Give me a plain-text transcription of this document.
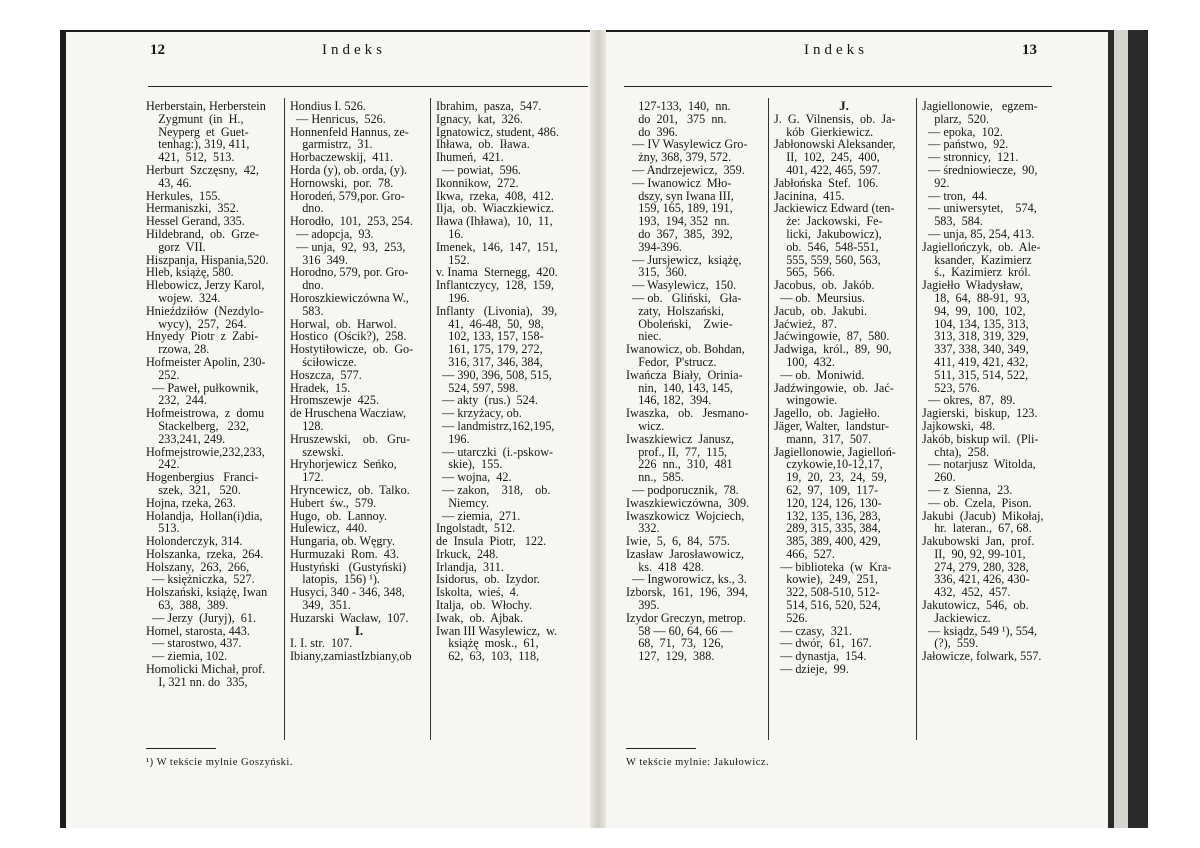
12	Indeks
Herberstain, Herberstein
Zygmunt  (in  H.,
Neyperg  et  Guet-
tenhag:), 319, 411,
421,  512,  513.
Herburt  Szczęsny,  42,
43, 46.
Herkules,  155.
Hermaniszki,  352.
Hessel Gerand, 335.
Hildebrand,  ob.  Grze-
gorz  VII.
Hiszpanja, Hispania,520.
Hleb, książę, 580.
Hlebowicz, Jerzy Karol,
wojew.  324.
Hnieździłów  (Nezdylo-
wycy),  257,  264.
Hnyedy  Piotr  z  Zabi-
rzowa, 28.
Hofmeister Apolin, 230-
252.
— Paweł, pułkownik,
232,  244.
Hofmeistrowa,  z  domu
Stackelberg,   232,
233,241, 249.
Hofmejstrowie,232,233,
242.
Hogenbergius   Franci-
szek,  321,   520.
Hojna, rzeka, 263.
Holandja,  Hollan(i)dia,
513.
Holonderczyk, 314.
Holszanka,  rzeka,  264.
Holszany,  263,  266,
— księżniczka,  527.
Holszański, książę, Iwan
63,  388,  389.
— Jerzy  (Juryj),  61.
Homel, starosta, 443.
— starostwo, 437.
— ziemia, 102.
Homolicki Michał, prof.
I, 321 nn. do  335,
Hondius I. 526.
— Henricus,  526.
Honnenfeld Hannus, ze-
garmistrz,  31.
Horbaczewskij,  411.
Horda (y), ob. orda, (y).
Hornowski,  por.  78.
Horodeń, 579,por. Gro-
dno.
Horodło,  101,  253, 254.
— adopcja,  93.
— unja,  92,  93,  253,
316  349.
Horodno, 579, por. Gro-
dno.
Horoszkiewiczówna W.,
583.
Horwal,  ob.  Harwol.
Hostico  (Ościk?),  258.
Hostytiłowicze,  ob.  Go-
ściłowicze.
Hoszcza,  577.
Hradek,  15.
Hromszewje  425.
de Hruschena Wacziaw,
128.
Hruszewski,    ob.   Gru-
szewski.
Hryhorjewicz  Seńko,
172.
Hryncewicz,  ob.  Talko.
Hubert  św.,  579.
Hugo,  ob.  Lannoy.
Hulewicz,  440.
Hungaria, ob. Węgry.
Hurmuzaki  Rom.  43.
Hustyński   (Gustyński)
latopis,  156) ¹).
Husyci, 340 - 346, 348,
349,  351.
Huzarski  Wacław,  107.
I.
I. I. str.  107.
Ibiany,zamiastIzbiany,ob
Ibrahim,  pasza,  547.
Ignacy,  kat,  326.
Ignatowicz, student, 486.
Ihława,  ob.  Iława.
Ihumeń,  421.
— powiat,  596.
Ikonnikow,  272.
Ikwa,  rzeka,  408,  412.
Ilja,  ob.  Wiaczkiewicz.
Iława (Ihława),  10,  11,
16.
Imenek,  146,  147,  151,
152.
v. Inama  Sternegg,  420.
Inflantczycy,  128,  159,
196.
Inflanty   (Livonia),   39,
41,  46-48,  50,  98,
102, 133, 157, 158-
161, 175, 179, 272,
316, 317, 346, 384,
— 390, 396, 508, 515,
524, 597, 598.
— akty  (rus.)  524.
— krzyżacy, ob.
— landmistrz,162,195,
196.
— utarczki  (i.-pskow-
skie),  155.
— wojna,  42.
— zakon,    318,    ob.
Niemcy.
— ziemia,  271.
Ingolstadt,  512.
de  Insula  Piotr,   122.
Irkuck,  248.
Irlandja,  311.
Isidorus,  ob.  Izydor.
Iskolta,  wieś,  4.
Italja,  ob.  Włochy.
Iwak,  ob.  Ajbak.
Iwan III Wasylewicz,  w.
książę  mosk.,  61,
62,  63,  103,  118,
¹) W tekście mylnie Goszyński.
Indeks	13
127-133,  140,  nn.
do  201,   375  nn.
do  396.
— IV Wasylewicz Gro-
żny, 368, 379, 572.
— Andrzejewicz,  359.
— Iwanowicz  Mło-
dszy, syn Iwana III,
159, 165, 189, 191,
193,  194, 352  nn.
do  367,  385,  392,
394-396.
— Jursjewicz,  książę,
315,  360.
— Wasylewicz,  150.
— ob.   Gliński,   Gła-
zaty,  Holszański,
Oboleński,    Zwie-
niec.
Iwanowicz, ob. Bohdan,
Fedor,  P'strucz.
Iwańcza  Biały,  Orinia-
nin,  140, 143, 145,
146, 182,  394.
Iwaszka,   ob.   Jesmano-
wicz.
Iwaszkiewicz  Janusz,
prof., II,  77,  115,
226  nn.,  310,  481
nn.,  585.
— podporucznik,  78.
Iwaszkiewiczówna,  309.
Iwaszkowicz  Wojciech,
332.
Iwie,  5,  6,  84,  575.
Izasław  Jarosławowicz,
ks.  418  428.
— Ingworowicz, ks., 3.
Izborsk,  161,  196,  394,
395.
Izydor Greczyn, metrop.
58 — 60, 64, 66 —
68,  71,  73,  126,
127,  129,  388.
J.
J.  G.  Vilnensis,  ob.  Ja-
kób  Gierkiewicz.
Jabłonowski Aleksander,
II,  102,  245,  400,
401, 422, 465, 597.
Jabłońska  Stef.  106.
Jacinina,  415.
Jackiewicz Edward (ten-
że:  Jackowski,  Fe-
licki,  Jakubowicz),
ob.  546,  548-551,
555, 559, 560, 563,
565,  566.
Jacobus,  ob.  Jakób.
— ob.  Meursius.
Jacub,  ob.  Jakubi.
Jaćwież,  87.
Jaćwingowie,  87,  580.
Jadwiga,  król.,  89,  90,
100,  432.
— ob.  Moniwid.
Jadźwingowie,  ob.  Jać-
wingowie.
Jagello,  ob.  Jagiełło.
Jäger, Walter,  landstur-
mann,  317,  507.
Jagiellonowie, Jagielloń-
czykowie,10-12,17,
19,  20,  23,  24,  59,
62,  97,  109,  117-
120, 124, 126, 130-
132, 135, 136, 283,
289, 315, 335, 384,
385, 389, 400, 429,
466,  527.
— biblioteka  (w  Kra-
kowie),  249,  251,
322, 508-510, 512-
514, 516, 520, 524,
526.
— czasy,  321.
— dwór,  61,  167.
— dynastja,  154.
— dzieje,  99.
Jagiellonowie,   egzem-
plarz,  520.
— epoka,  102.
— państwo,  92.
— stronnicy,  121.
— średniowiecze,  90,
92.
— tron,  44.
— uniwersytet,    574,
583,  584.
— unja, 85, 254, 413.
Jagiellończyk,  ob.  Ale-
ksander,  Kazimierz
ś.,  Kazimierz  król.
Jagiełło  Władysław,
18,  64,  88-91,  93,
94,  99,  100,  102,
104, 134, 135, 313,
313, 318, 319, 329,
337, 338, 340, 349,
411, 419, 421, 432,
511, 315, 514, 522,
523, 576.
— okres,  87,  89.
Jagierski,  biskup,  123.
Jajkowski,  48.
Jakób, biskup wil.  (Pli-
chta),  258.
— notarjusz  Witolda,
260.
— z  Sienna,  23.
— ob.  Czela,  Pison.
Jakubi  (Jacub)  Mikołaj,
hr.  lateran.,  67, 68.
Jakubowski  Jan,  prof.
II,  90, 92, 99-101,
274, 279, 280, 328,
336, 421, 426, 430-
432,  452,  457.
Jakutowicz,  546,  ob.
Jackiewicz.
— ksiądz, 549 ¹), 554,
(?),  559.
Jałowicze, folwark, 557.
W tekście mylnie: Jakułowicz.
